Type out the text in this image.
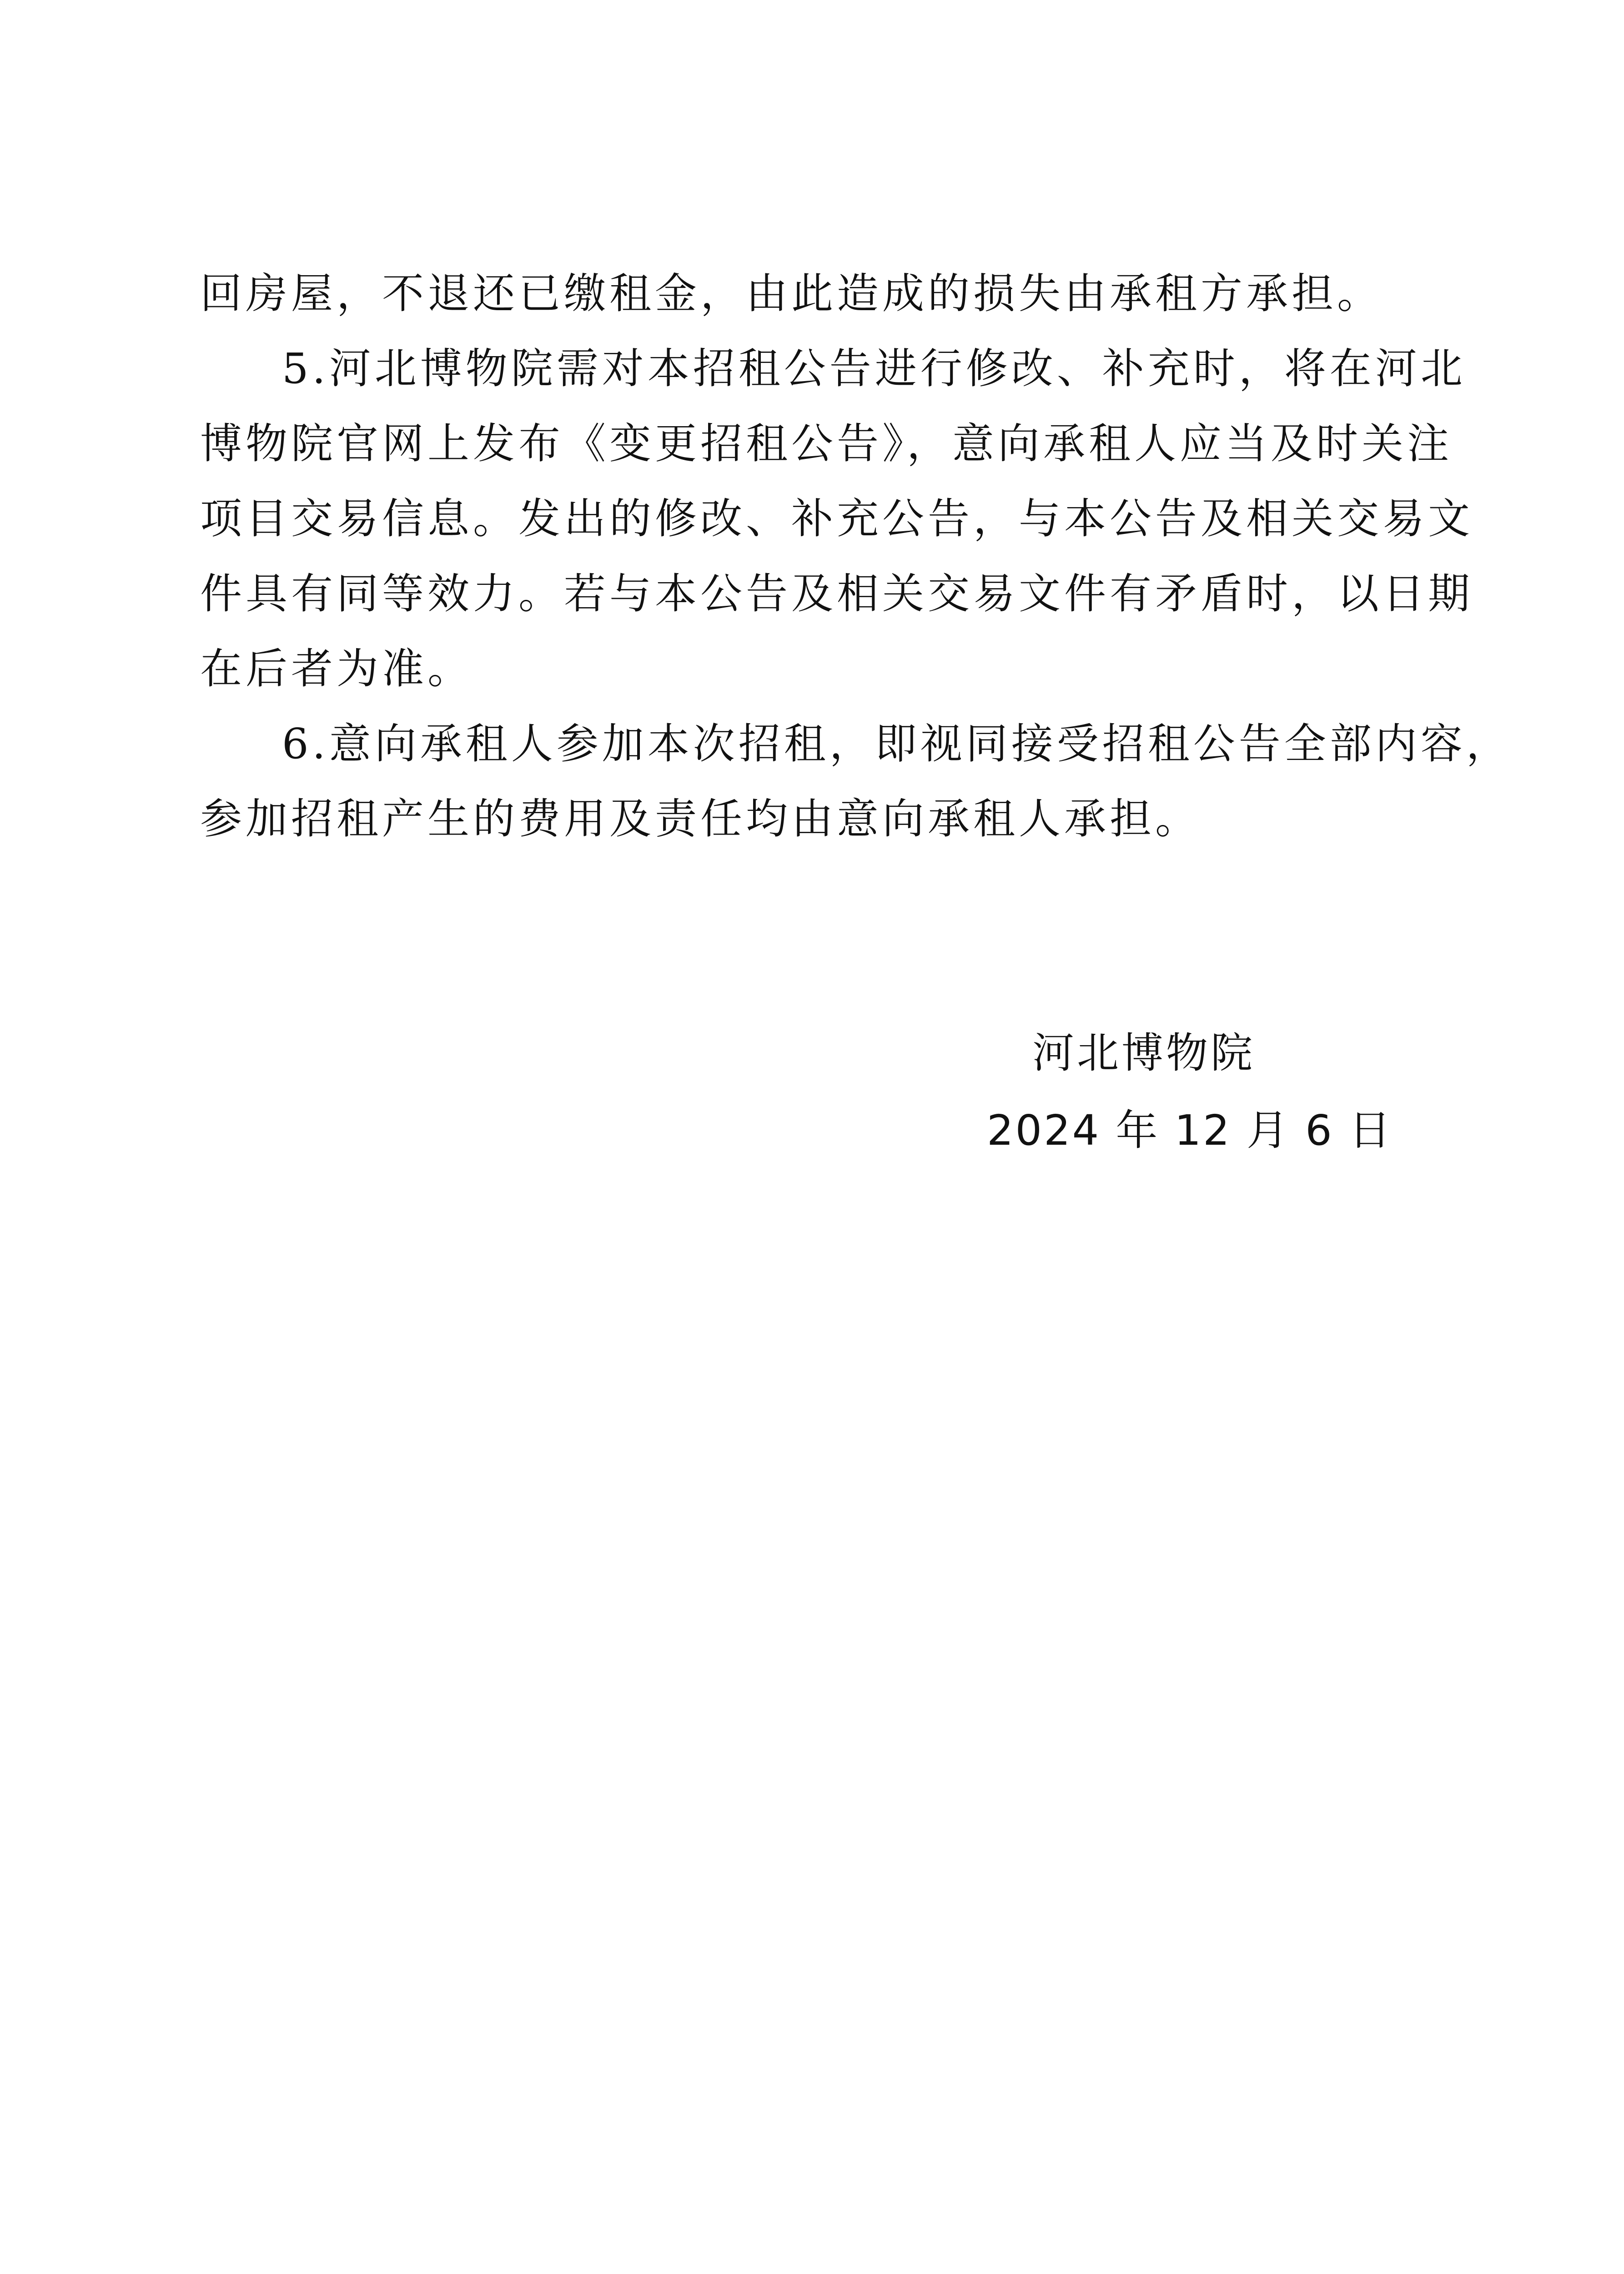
回房屋，不退还已缴租金，由此造成的损失由承租方承担。
5.河北博物院需对本招租公告进行修改、补充时，将在河北
博物院官网上发布《变更招租公告》，意向承租人应当及时关注
项目交易信息。发出的修改、补充公告，与本公告及相关交易文
件具有同等效力。若与本公告及相关交易文件有矛盾时，以日期
在后者为准。
6.意向承租人参加本次招租，即视同接受招租公告全部内容，
参加招租产生的费用及责任均由意向承租人承担。
河北博物院
2024 年 12 月 6 日
